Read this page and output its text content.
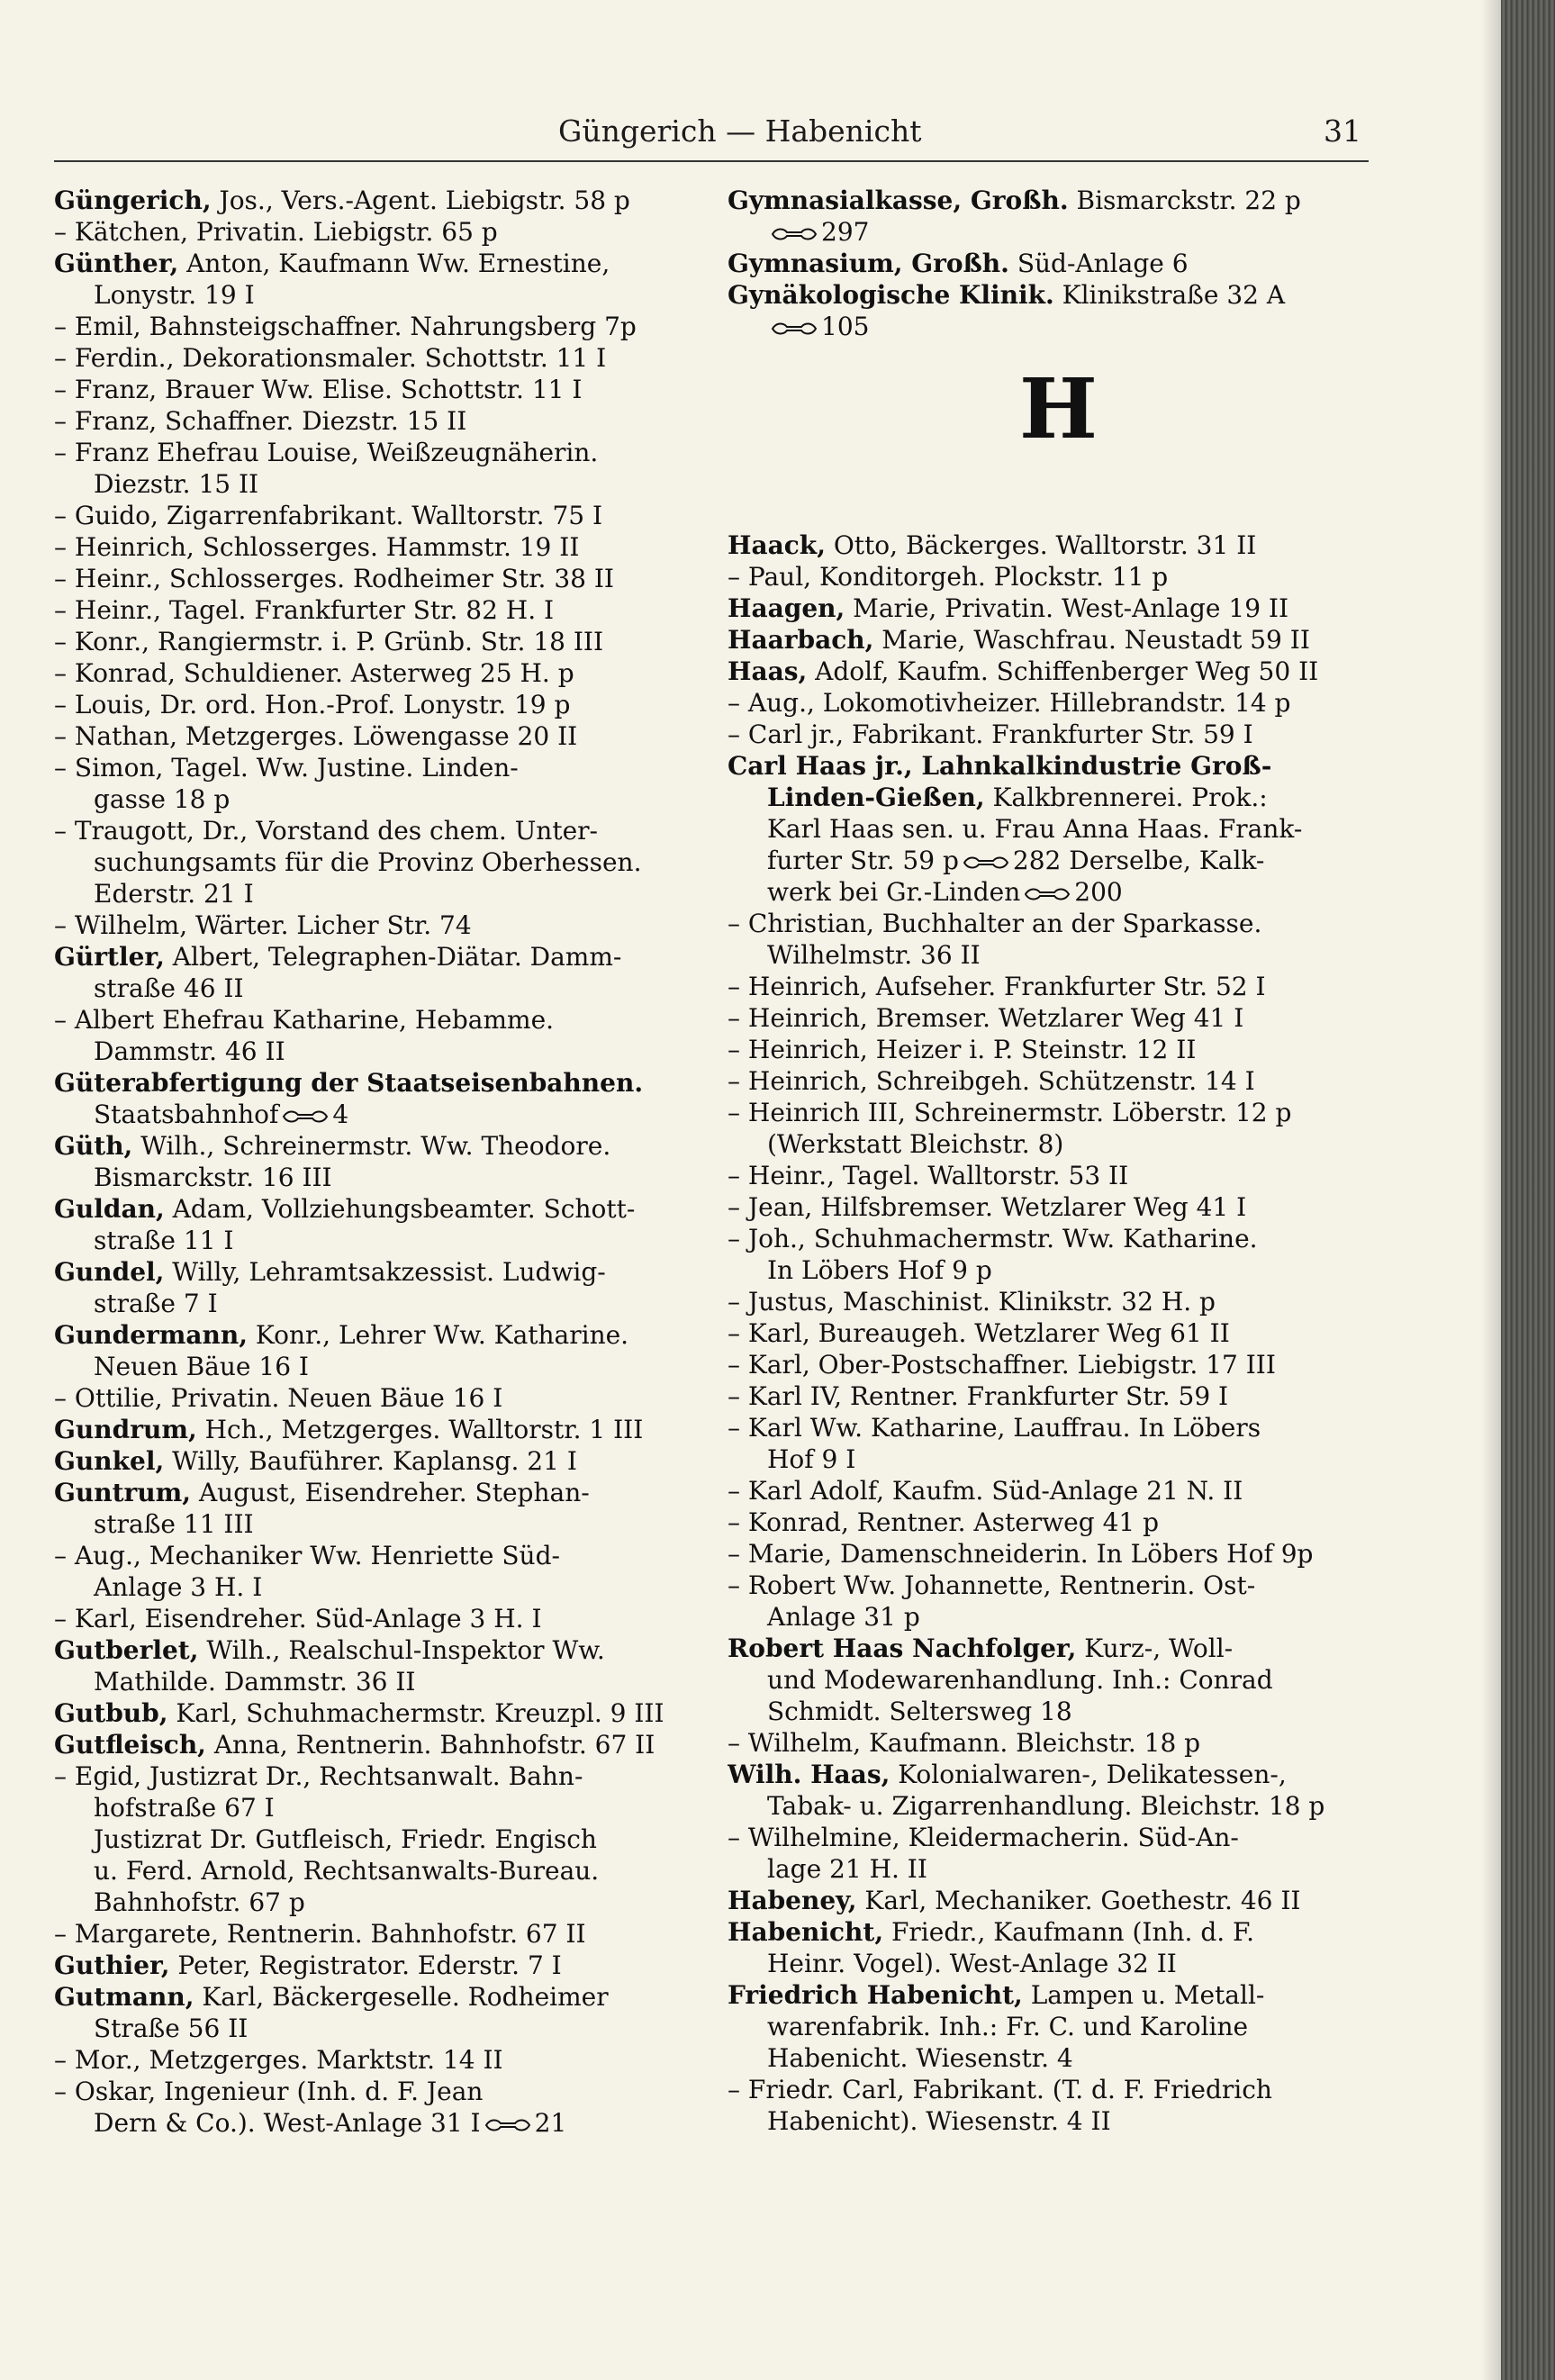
Güngerich — Habenicht	31
Güngerich, Jos., Vers.-Agent. Liebigstr. 58 p
– Kätchen, Privatin. Liebigstr. 65 p
Günther, Anton, Kaufmann Ww. Ernestine,
Lonystr. 19 I
– Emil, Bahnsteigschaffner. Nahrungsberg 7p
– Ferdin., Dekorationsmaler. Schottstr. 11 I
– Franz, Brauer Ww. Elise. Schottstr. 11 I
– Franz, Schaffner. Diezstr. 15 II
– Franz Ehefrau Louise, Weißzeugnäherin.
Diezstr. 15 II
– Guido, Zigarrenfabrikant. Walltorstr. 75 I
– Heinrich, Schlosserges. Hammstr. 19 II
– Heinr., Schlosserges. Rodheimer Str. 38 II
– Heinr., Tagel. Frankfurter Str. 82 H. I
– Konr., Rangiermstr. i. P. Grünb. Str. 18 III
– Konrad, Schuldiener. Asterweg 25 H. p
– Louis, Dr. ord. Hon.-Prof. Lonystr. 19 p
– Nathan, Metzgerges. Löwengasse 20 II
– Simon, Tagel. Ww. Justine. Linden-
gasse 18 p
– Traugott, Dr., Vorstand des chem. Unter-
suchungsamts für die Provinz Oberhessen.
Ederstr. 21 I
– Wilhelm, Wärter. Licher Str. 74
Gürtler, Albert, Telegraphen-Diätar. Damm-
straße 46 II
– Albert Ehefrau Katharine, Hebamme.
Dammstr. 46 II
Güterabfertigung der Staatseisenbahnen.
Staatsbahnhof 4
Güth, Wilh., Schreinermstr. Ww. Theodore.
Bismarckstr. 16 III
Guldan, Adam, Vollziehungsbeamter. Schott-
straße 11 I
Gundel, Willy, Lehramtsakzessist. Ludwig-
straße 7 I
Gundermann, Konr., Lehrer Ww. Katharine.
Neuen Bäue 16 I
– Ottilie, Privatin. Neuen Bäue 16 I
Gundrum, Hch., Metzgerges. Walltorstr. 1 III
Gunkel, Willy, Bauführer. Kaplansg. 21 I
Guntrum, August, Eisendreher. Stephan-
straße 11 III
– Aug., Mechaniker Ww. Henriette Süd-
Anlage 3 H. I
– Karl, Eisendreher. Süd-Anlage 3 H. I
Gutberlet, Wilh., Realschul-Inspektor Ww.
Mathilde. Dammstr. 36 II
Gutbub, Karl, Schuhmachermstr. Kreuzpl. 9 III
Gutfleisch, Anna, Rentnerin. Bahnhofstr. 67 II
– Egid, Justizrat Dr., Rechtsanwalt. Bahn-
hofstraße 67 I
Justizrat Dr. Gutfleisch, Friedr. Engisch
u. Ferd. Arnold, Rechtsanwalts-Bureau.
Bahnhofstr. 67 p
– Margarete, Rentnerin. Bahnhofstr. 67 II
Guthier, Peter, Registrator. Ederstr. 7 I
Gutmann, Karl, Bäckergeselle. Rodheimer
Straße 56 II
– Mor., Metzgerges. Marktstr. 14 II
– Oskar, Ingenieur (Inh. d. F. Jean
Dern & Co.). West-Anlage 31 I 21
Gymnasialkasse, Großh. Bismarckstr. 22 p
297
Gymnasium, Großh. Süd-Anlage 6
Gynäkologische Klinik. Klinikstraße 32 A
105
H
Haack, Otto, Bäckerges. Walltorstr. 31 II
– Paul, Konditorgeh. Plockstr. 11 p
Haagen, Marie, Privatin. West-Anlage 19 II
Haarbach, Marie, Waschfrau. Neustadt 59 II
Haas, Adolf, Kaufm. Schiffenberger Weg 50 II
– Aug., Lokomotivheizer. Hillebrandstr. 14 p
– Carl jr., Fabrikant. Frankfurter Str. 59 I
Carl Haas jr., Lahnkalkindustrie Groß-
Linden-Gießen, Kalkbrennerei. Prok.:
Karl Haas sen. u. Frau Anna Haas. Frank-
furter Str. 59 p 282 Derselbe, Kalk-
werk bei Gr.-Linden 200
– Christian, Buchhalter an der Sparkasse.
Wilhelmstr. 36 II
– Heinrich, Aufseher. Frankfurter Str. 52 I
– Heinrich, Bremser. Wetzlarer Weg 41 I
– Heinrich, Heizer i. P. Steinstr. 12 II
– Heinrich, Schreibgeh. Schützenstr. 14 I
– Heinrich III, Schreinermstr. Löberstr. 12 p
(Werkstatt Bleichstr. 8)
– Heinr., Tagel. Walltorstr. 53 II
– Jean, Hilfsbremser. Wetzlarer Weg 41 I
– Joh., Schuhmachermstr. Ww. Katharine.
In Löbers Hof 9 p
– Justus, Maschinist. Klinikstr. 32 H. p
– Karl, Bureaugeh. Wetzlarer Weg 61 II
– Karl, Ober-Postschaffner. Liebigstr. 17 III
– Karl IV, Rentner. Frankfurter Str. 59 I
– Karl Ww. Katharine, Lauffrau. In Löbers
Hof 9 I
– Karl Adolf, Kaufm. Süd-Anlage 21 N. II
– Konrad, Rentner. Asterweg 41 p
– Marie, Damenschneiderin. In Löbers Hof 9p
– Robert Ww. Johannette, Rentnerin. Ost-
Anlage 31 p
Robert Haas Nachfolger, Kurz-, Woll-
und Modewarenhandlung. Inh.: Conrad
Schmidt. Seltersweg 18
– Wilhelm, Kaufmann. Bleichstr. 18 p
Wilh. Haas, Kolonialwaren-, Delikatessen-,
Tabak- u. Zigarrenhandlung. Bleichstr. 18 p
– Wilhelmine, Kleidermacherin. Süd-An-
lage 21 H. II
Habeney, Karl, Mechaniker. Goethestr. 46 II
Habenicht, Friedr., Kaufmann (Inh. d. F.
Heinr. Vogel). West-Anlage 32 II
Friedrich Habenicht, Lampen u. Metall-
warenfabrik. Inh.: Fr. C. und Karoline
Habenicht. Wiesenstr. 4
– Friedr. Carl, Fabrikant. (T. d. F. Friedrich
Habenicht). Wiesenstr. 4 II
